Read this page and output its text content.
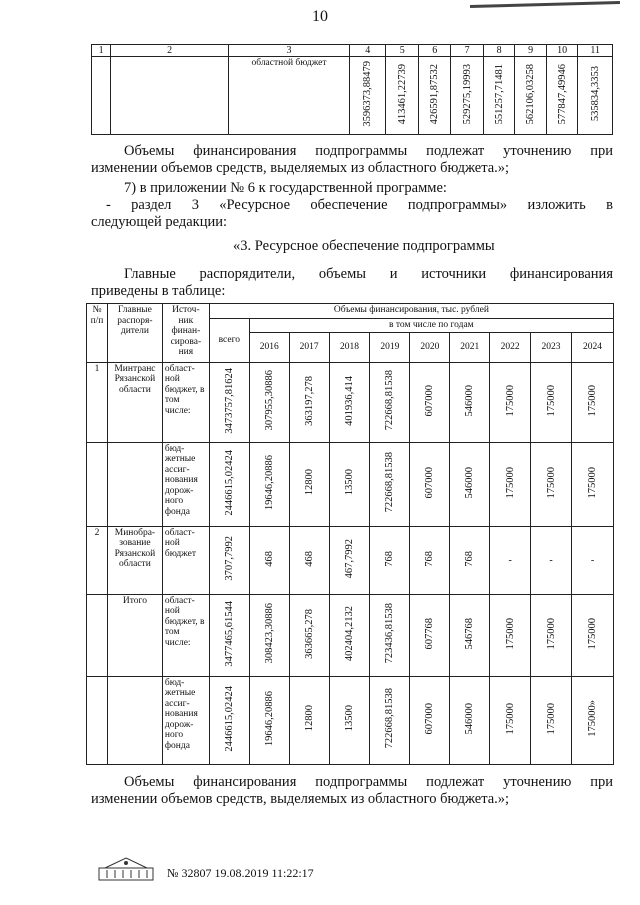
10
1	2	3	4	5	6	7	8	9	10	11
		областной бюджет	3596373,88479	413461,22739	426591,87532	529275,19993	551257,71481	562106,03258	577847,49946	535834,3353
Объемы финансирования подпрограммы подлежат уточнению при
изменении объемов средств, выделяемых из областного бюджета.»;
7) в приложении № 6 к государственной программе:
- раздел 3 «Ресурсное обеспечение подпрограммы» изложить в
следующей редакции:
«3. Ресурсное обеспечение подпрограммы
Главные распорядители, объемы и источники финансирования
приведены в таблице:
№ п/п	Главные распоря- дители	Источ- ник финан- сирова- ния	Объемы финансирования, тыс. рублей									
			всего	в том числе по годам								
				2016	2017	2018	2019	2020	2021	2022	2023	2024
1	Минтранс Рязанской области	област- ной бюджет, в том числе:	3473757,81624	307955,30886	363197,278	401936,414	722668,81538	607000	546000	175000	175000	175000
		бюд- жетные ассиг- нования дорож- ного фонда	2446615,02424	19646,20886	12800	13500	722668,81538	607000	546000	175000	175000	175000
2	Минобра- зование Рязанской области	област- ной бюджет	3707,7992	468	468	467,7992	768	768	768	-	-	-
	Итого	област- ной бюджет, в том числе:	3477465,61544	308423,30886	363665,278	402404,2132	723436,81538	607768	546768	175000	175000	175000
		бюд- жетные ассиг- нования дорож- ного фонда	2446615,02424	19646,20886	12800	13500	722668,81538	607000	546000	175000	175000	175000»
Объемы финансирования подпрограммы подлежат уточнению при
изменении объемов средств, выделяемых из областного бюджета.»;
№ 32807 19.08.2019 11:22:17
